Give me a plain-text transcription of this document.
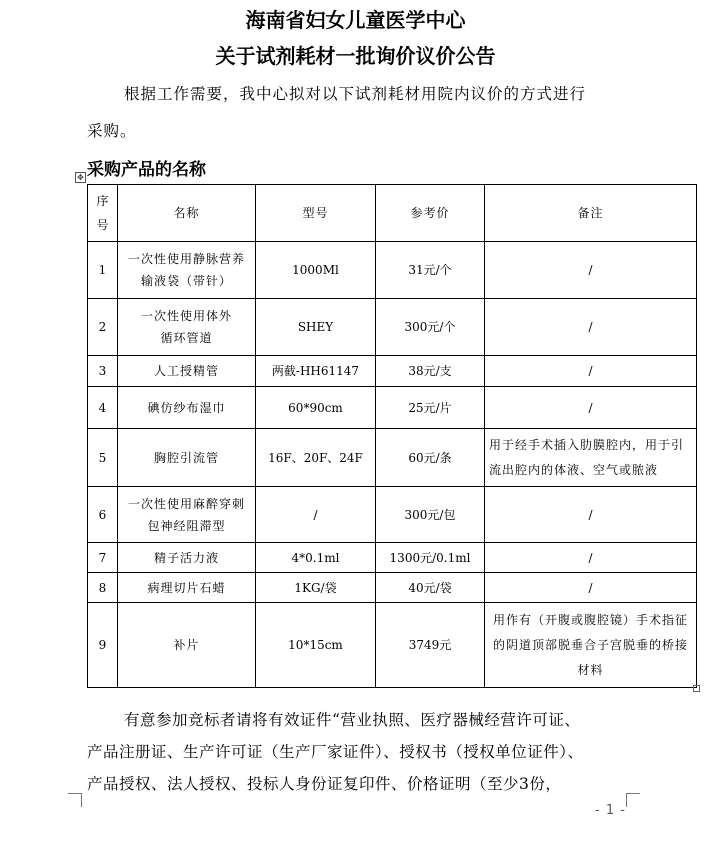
海南省妇女儿童医学中心
关于试剂耗材一批询价议价公告
根据工作需要，我中心拟对以下试剂耗材用院内议价的方式进行
采购。
采购产品的名称
✥
序号	名称	型号	参考价	备注
1	一次性使用静脉营养输液袋（带针）	1000Ml	31元/个	/
2	一次性使用体外循环管道	SHEY	300元/个	/
3	人工授精管	两截-HH61147	38元/支	/
4	碘仿纱布湿巾	60*90cm	25元/片	/
5	胸腔引流管	16F、20F、24F	60元/条	用于经手术插入肋膜腔内，用于引流出腔内的体液、空气或脓液
6	一次性使用麻醉穿刺包神经阻滞型	/	300元/包	/
7	精子活力液	4*0.1ml	1300元/0.1ml	/
8	病理切片石蜡	1KG/袋	40元/袋	/
9	补片	10*15cm	3749元	用作有（开腹或腹腔镜）手术指征的阴道顶部脱垂合子宫脱垂的桥接材料
有意参加竞标者请将有效证件“营业执照、医疗器械经营许可证、
产品注册证、生产许可证（生产厂家证件）、授权书（授权单位证件）、
产品授权、法人授权、投标人身份证复印件、价格证明（至少3份，
- 1 -
